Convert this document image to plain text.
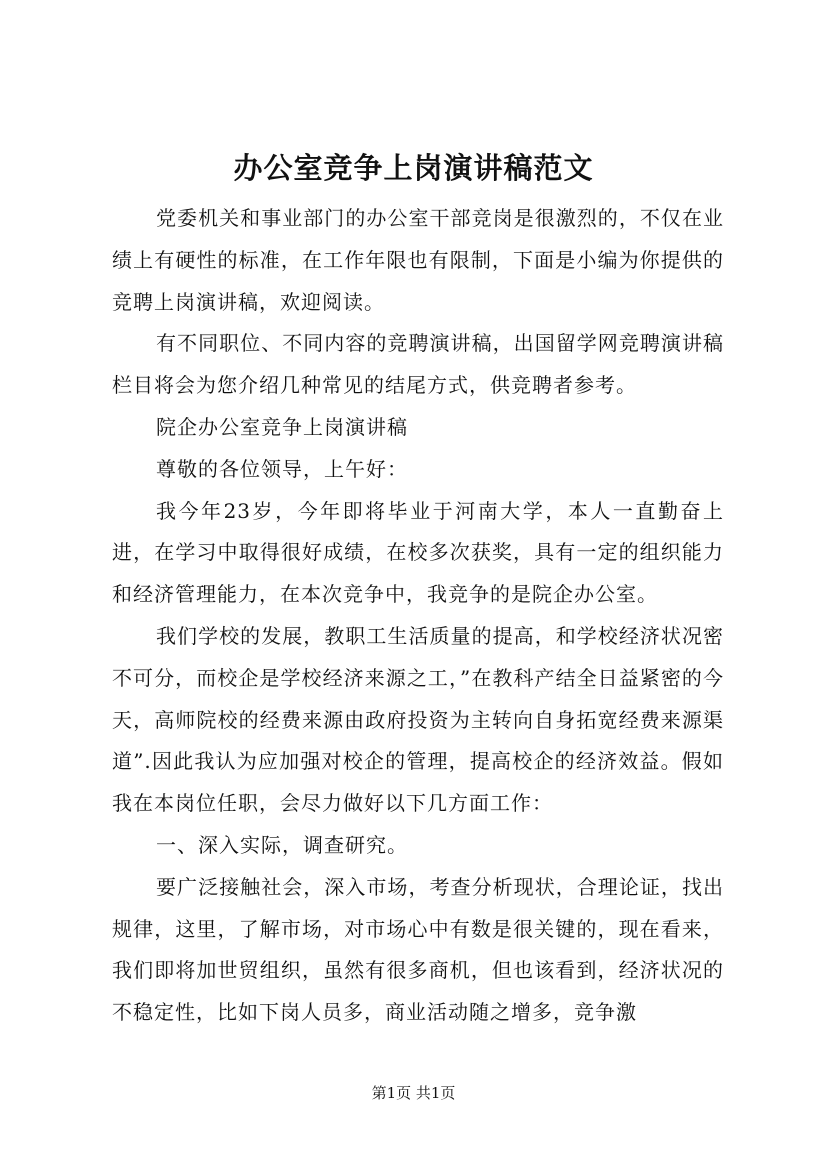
办公室竞争上岗演讲稿范文

党委机关和事业部门的办公室干部竞岗是很激烈的，不仅在业绩上有硬性的标准，在工作年限也有限制，下面是小编为你提供的竞聘上岗演讲稿，欢迎阅读。

有不同职位、不同内容的竞聘演讲稿，出国留学网竞聘演讲稿栏目将会为您介绍几种常见的结尾方式，供竞聘者参考。

院企办公室竞争上岗演讲稿

尊敬的各位领导，上午好：

我今年23岁，今年即将毕业于河南大学，本人一直勤奋上进，在学习中取得很好成绩，在校多次获奖，具有一定的组织能力和经济管理能力，在本次竞争中，我竞争的是院企办公室。

我们学校的发展，教职工生活质量的提高，和学校经济状况密不可分，而校企是学校经济来源之工，”在教科产结全日益紧密的今天，高师院校的经费来源由政府投资为主转向自身拓宽经费来源渠道”.因此我认为应加强对校企的管理，提高校企的经济效益。假如我在本岗位任职，会尽力做好以下几方面工作：

一、深入实际，调查研究。

要广泛接触社会，深入市场，考查分析现状，合理论证，找出规律，这里，了解市场，对市场心中有数是很关键的，现在看来，我们即将加世贸组织，虽然有很多商机，但也该看到，经济状况的不稳定性，比如下岗人员多，商业活动随之增多，竞争激

第1页 共1页
